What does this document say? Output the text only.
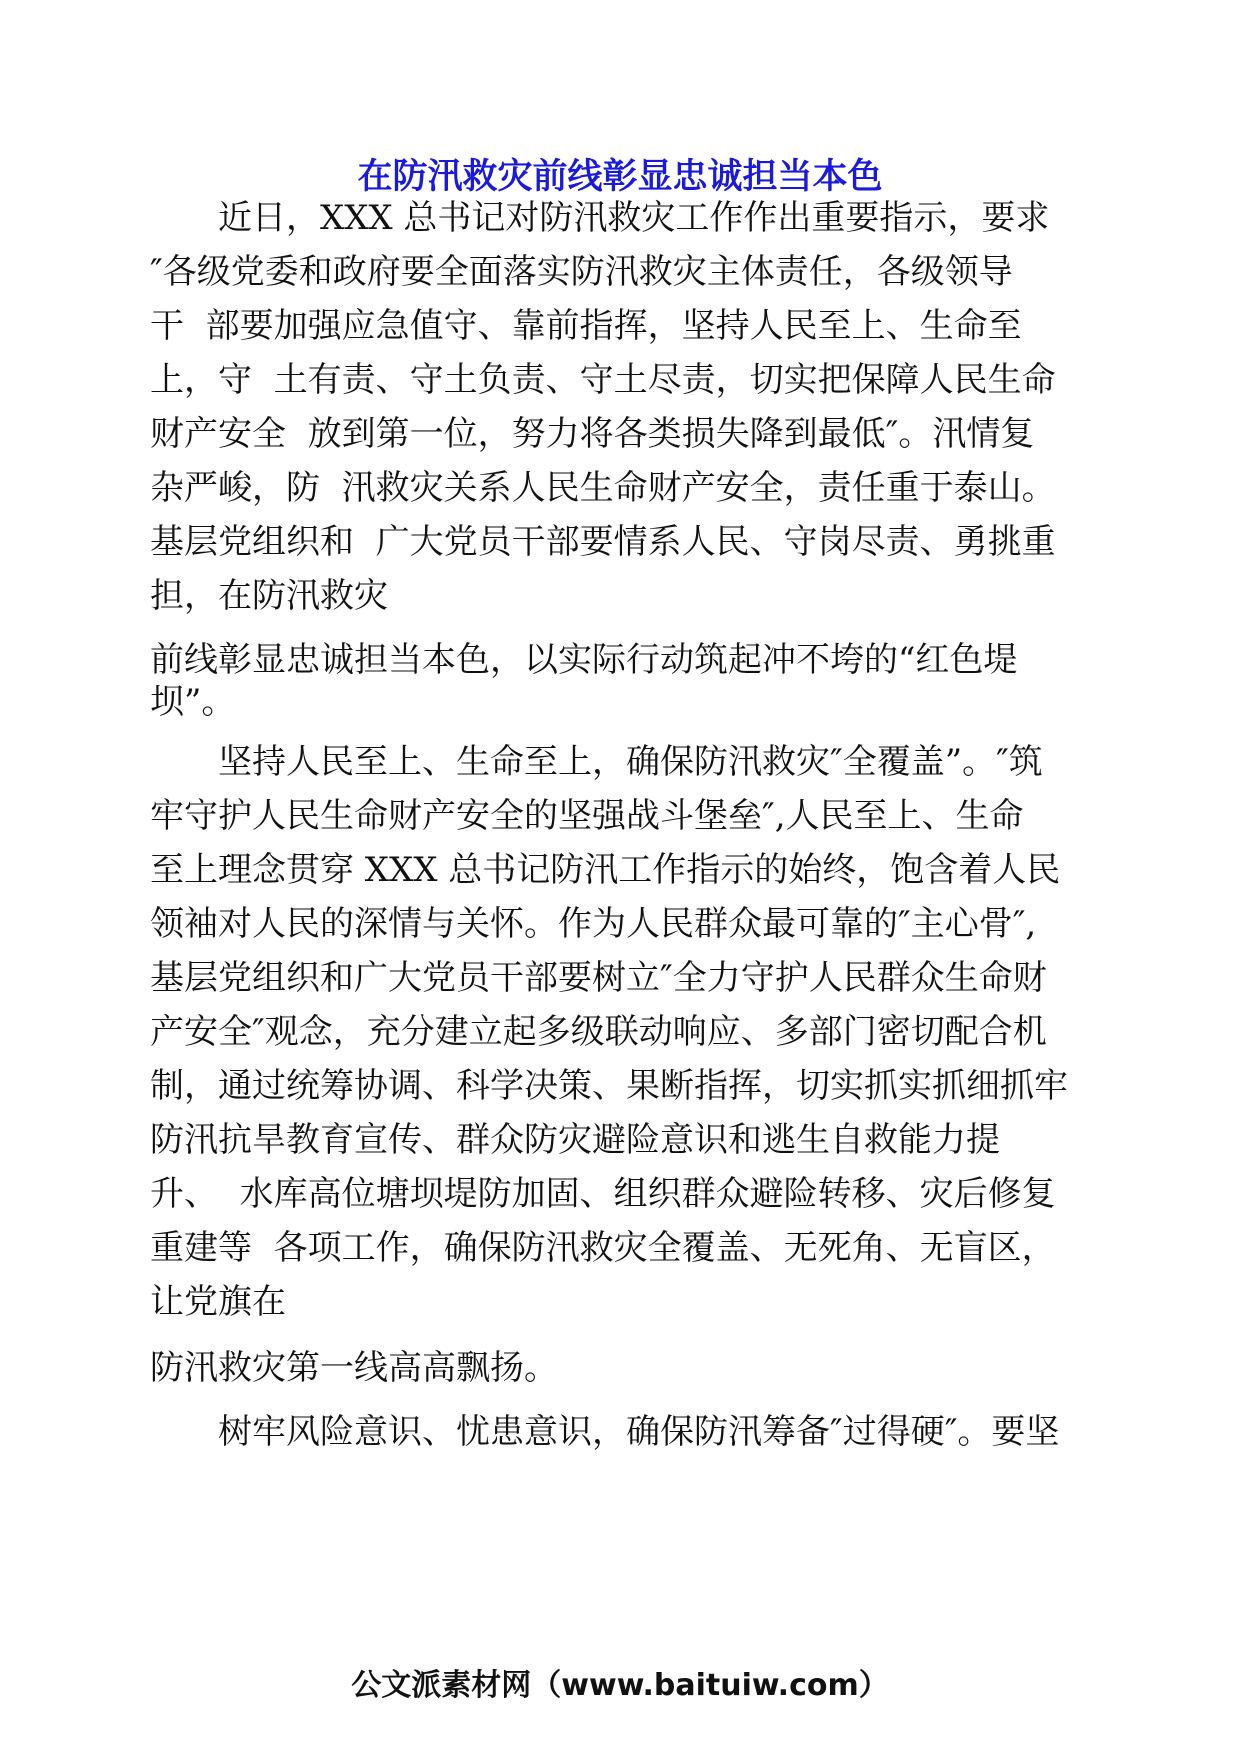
在防汛救灾前线彰显忠诚担当本色
　　近日，XXX 总书记对防汛救灾工作作出重要指示，要求
″各级党委和政府要全面落实防汛救灾主体责任，各级领导
干  部要加强应急值守、靠前指挥，坚持人民至上、生命至
上，守  土有责、守土负责、守土尽责，切实把保障人民生命
财产安全  放到第一位，努力将各类损失降到最低″。汛情复
杂严峻，防  汛救灾关系人民生命财产安全，责任重于泰山。
基层党组织和  广大党员干部要情系人民、守岗尽责、勇挑重
担，在防汛救灾
前线彰显忠诚担当本色，以实际行动筑起冲不垮的“红色堤
坝”。
　　坚持人民至上、生命至上，确保防汛救灾″全覆盖”。″筑
牢守护人民生命财产安全的坚强战斗堡垒″,人民至上、生命
至上理念贯穿 XXX 总书记防汛工作指示的始终，饱含着人民
领袖对人民的深情与关怀。作为人民群众最可靠的″主心骨″,
基层党组织和广大党员干部要树立″全力守护人民群众生命财
产安全″观念，充分建立起多级联动响应、多部门密切配合机
制，通过统筹协调、科学决策、果断指挥，切实抓实抓细抓牢
防汛抗旱教育宣传、群众防灾避险意识和逃生自救能力提
升、  水库高位塘坝堤防加固、组织群众避险转移、灾后修复
重建等  各项工作，确保防汛救灾全覆盖、无死角、无盲区，
让党旗在
防汛救灾第一线高高飘扬。
　　树牢风险意识、忧患意识，确保防汛筹备″过得硬″。要坚
公文派素材网（www.baituiw.com）
